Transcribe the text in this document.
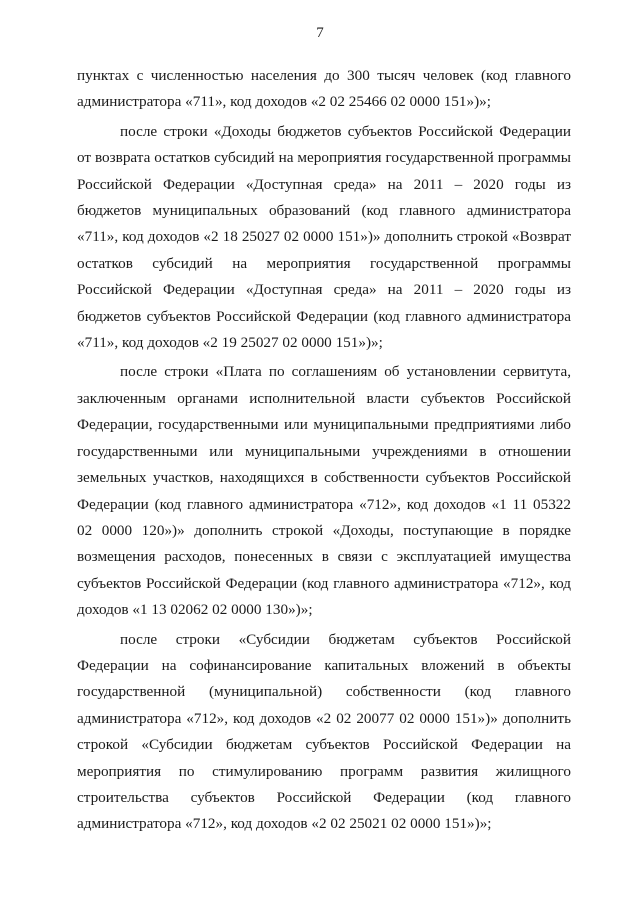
7

пунктах с численностью населения до 300 тысяч человек (код главного администратора «711», код доходов «2 02 25466 02 0000 151»)»;

после строки «Доходы бюджетов субъектов Российской Федерации от возврата остатков субсидий на мероприятия государственной программы Российской Федерации «Доступная среда» на 2011 – 2020 годы из бюджетов муниципальных образований (код главного администратора «711», код доходов «2 18 25027 02 0000 151»)» дополнить строкой «Возврат остатков субсидий на мероприятия государственной программы Российской Федерации «Доступная среда» на 2011 – 2020 годы из бюджетов субъектов Российской Федерации (код главного администратора «711», код доходов «2 19 25027 02 0000 151»)»;

после строки «Плата по соглашениям об установлении сервитута, заключенным органами исполнительной власти субъектов Российской Федерации, государственными или муниципальными предприятиями либо государственными или муниципальными учреждениями в отношении земельных участков, находящихся в собственности субъектов Российской Федерации (код главного администратора «712», код доходов «1 11 05322 02 0000 120»)» дополнить строкой «Доходы, поступающие в порядке возмещения расходов, понесенных в связи с эксплуатацией имущества субъектов Российской Федерации (код главного администратора «712», код доходов «1 13 02062 02 0000 130»)»;

после строки «Субсидии бюджетам субъектов Российской Федерации на софинансирование капитальных вложений в объекты государственной (муниципальной) собственности (код главного администратора «712», код доходов «2 02 20077 02 0000 151»)» дополнить строкой «Субсидии бюджетам субъектов Российской Федерации на мероприятия по стимулированию программ развития жилищного строительства субъектов Российской Федерации (код главного администратора «712», код доходов «2 02 25021 02 0000 151»)»;
